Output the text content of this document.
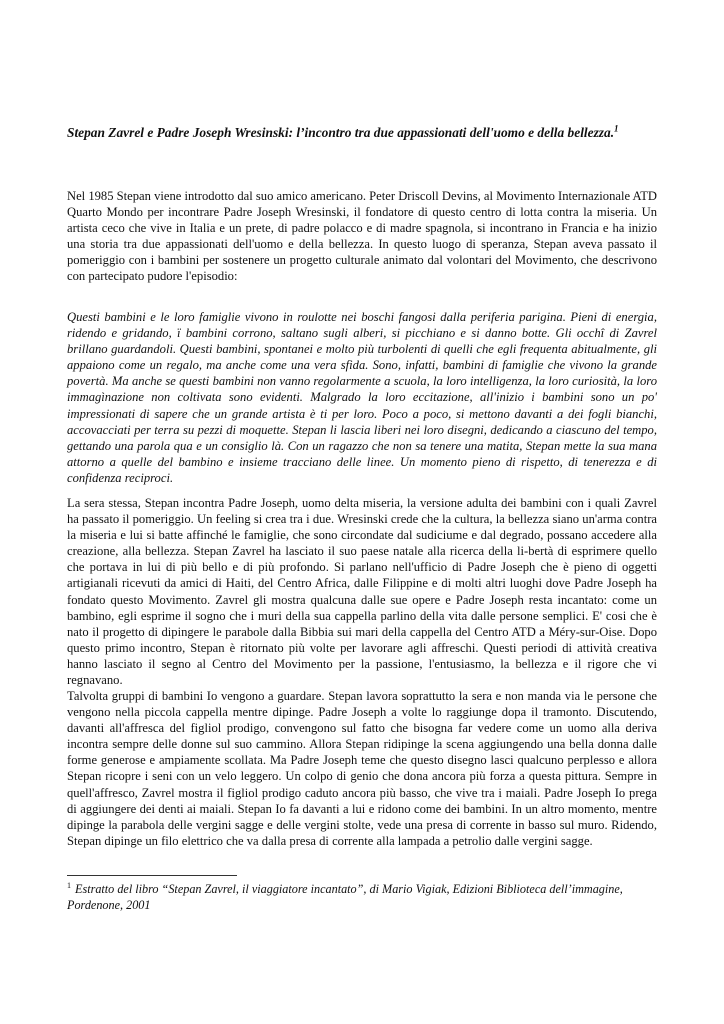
Stepan Zavrel e Padre Joseph Wresinski: l’incontro tra due appassionati dell'uomo e della bellezza.$^1$

Nel 1985 Stepan viene introdotto dal suo amico americano. Peter Driscoll Devins, al Movimento Internazionale ATD Quarto Mondo per incontrare Padre Joseph Wresinski, il fondatore di questo centro di lotta contra la miseria. Un artista ceco che vive in Italia e un prete, di padre polacco e di madre spagnola, si incontrano in Francia e ha inizio una storia tra due appassionati dell'uomo e della bellezza. In questo luogo di speranza, Stepan aveva passato il pomeriggio con i bambini per sostenere un progetto culturale animato dal volontari del Movimento, che descrivono con partecipato pudore l'episodio:

Questi bambini e le loro famiglie vivono in roulotte nei boschi fangosi dalla periferia parigina. Pieni di energia, ridendo e gridando, ï bambini corrono, saltano sugli alberi, si picchiano e si danno botte. Gli occhî di Zavrel brillano guardandoli. Questi bambini, spontanei e molto più turbolenti di quelli che egli frequenta abitualmente, gli appaiono come un regalo, ma anche come una vera sfida. Sono, infatti, bambini di famiglie che vivono la grande povertà. Ma anche se questi bambini non vanno regolarmente a scuola, la loro intelligenza, la loro curiosità, la loro immagìnazione non coltivata sono evidenti. Malgrado la loro eccitazione, all'inizio i bambini sono un po' impressionati di sapere che un grande artista è ti per loro. Poco a poco, si mettono davanti a dei fogli bianchi, accovacciati per terra su pezzi di moquette. Stepan li lascia liberi nei loro disegni, dedicando a ciascuno del tempo, gettando una parola qua e un consiglio là. Con un ragazzo che non sa tenere una matita, Stepan mette la sua mana attorno a quelle del bambino e insieme tracciano delle linee. Un momento pieno di rispetto, di tenerezza e di confidenza reciproci.

La sera stessa, Stepan incontra Padre Joseph, uomo delta miseria, la versione adulta dei bambini con i quali Zavrel ha passato il pomeriggio. Un feeling si crea tra i due. Wresinski crede che la cultura, la bellezza siano un'arma contra la miseria e lui si batte affinché le famiglie, che sono circondate dal sudiciume e dal degrado, possano accedere alla creazione, alla bellezza. Stepan Zavrel ha lasciato il suo paese natale alla ricerca della li-bertà di esprimere quello che portava in lui di più bello e di più profondo. Si parlano nell'ufficio di Padre Joseph che è pieno di oggetti artigianali ricevuti da amici di Haiti, del Centro Africa, dalle Filippine e di molti altri luoghi dove Padre Joseph ha fondato questo Movimento. Zavrel gli mostra qualcuna dalle sue opere e Padre Joseph resta incantato: come un bambino, egli esprime il sogno che i muri della sua cappella parlino della vita dalle persone semplici. E' cosi che è nato il progetto di dipingere le parabole dalla Bibbia sui mari della cappella del Centro ATD a Méry-sur-Oise. Dopo questo primo incontro, Stepan è ritornato più volte per lavorare agli affreschi. Questi periodi di attività creativa hanno lasciato il segno al Centro del Movimento per la passione, l'entusiasmo, la bellezza e il rigore che vi regnavano.

Talvolta gruppi di bambini Io vengono a guardare. Stepan lavora soprattutto la sera e non manda via le persone che vengono nella piccola cappella mentre dipinge. Padre Joseph a volte lo raggiunge dopa il tramonto. Discutendo, davanti all'affresca del figliol prodigo, convengono sul fatto che bisogna far vedere come un uomo alla deriva incontra sempre delle donne sul suo cammino. Allora Stepan ridipinge la scena aggiungendo una bella donna dalle forme generose e ampiamente scollata. Ma Padre Joseph teme che questo disegno lasci qualcuno perplesso e allora Stepan ricopre i seni con un velo leggero. Un colpo di genio che dona ancora più forza a questa pittura. Sempre in quell'affresco, Zavrel mostra il figliol prodigo caduto ancora più basso, che vive tra i maiali. Padre Joseph Io prega di aggiungere dei denti ai maiali. Stepan Io fa davanti a lui e ridono come dei bambini. In un altro momento, mentre dipinge la parabola delle vergini sagge e delle vergini stolte, vede una presa di corrente in basso sul muro. Ridendo, Stepan dipinge un filo elettrico che va dalla presa di corrente alla lampada a petrolio dalle vergini sagge.

$^1$ Estratto del libro “Stepan Zavrel, il viaggiatore incantato”, di Mario Vigiak, Edizioni Biblioteca dell’immagine, Pordenone, 2001
